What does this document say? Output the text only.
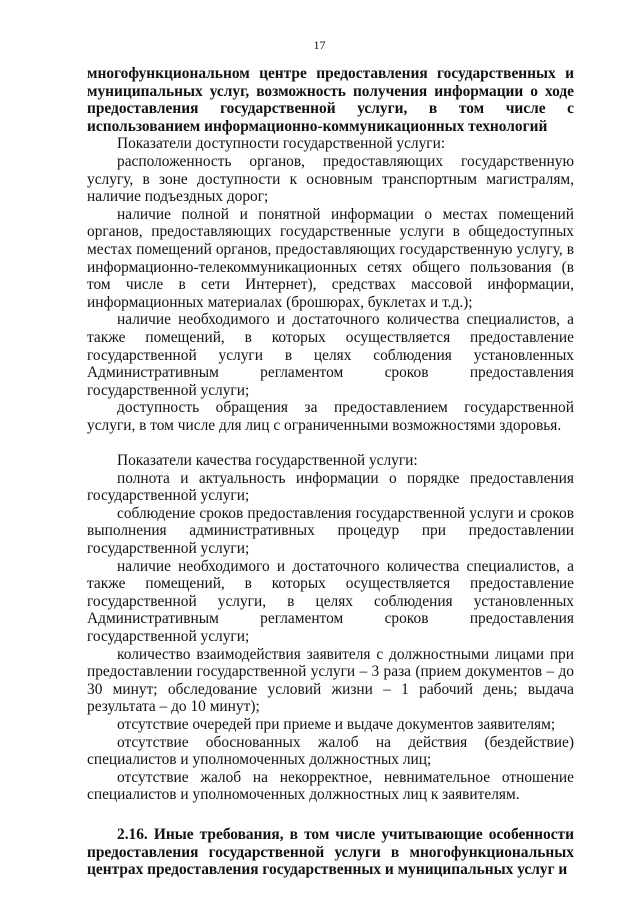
17

многофункциональном центре предоставления государственных и муниципальных услуг, возможность получения информации о ходе предоставления государственной услуги, в том числе с использованием информационно-коммуникационных технологий

Показатели доступности государственной услуги:

расположенность органов, предоставляющих государственную услугу, в зоне доступности к основным транспортным магистралям, наличие подъездных дорог;

наличие полной и понятной информации о местах помещений органов, предоставляющих государственные услуги в общедоступных местах помещений органов, предоставляющих государственную услугу, в информационно-телекоммуникационных сетях общего пользования (в том числе в сети Интернет), средствах массовой информации, информационных материалах (брошюрах, буклетах и т.д.);

наличие необходимого и достаточного количества специалистов, а также помещений, в которых осуществляется предоставление государственной услуги в целях соблюдения установленных Административным регламентом сроков предоставления государственной услуги;

доступность обращения за предоставлением государственной услуги, в том числе для лиц с ограниченными возможностями здоровья.

Показатели качества государственной услуги:

полнота и актуальность информации о порядке предоставления государственной услуги;

соблюдение сроков предоставления государственной услуги и сроков выполнения административных процедур при предоставлении государственной услуги;

наличие необходимого и достаточного количества специалистов, а также помещений, в которых осуществляется предоставление государственной услуги, в целях соблюдения установленных Административным регламентом сроков предоставления государственной услуги;

количество взаимодействия заявителя с должностными лицами при предоставлении государственной услуги – 3 раза (прием документов – до 30 минут; обследование условий жизни – 1 рабочий день; выдача результата – до 10 минут);

отсутствие очередей при приеме и выдаче документов заявителям;

отсутствие обоснованных жалоб на действия (бездействие) специалистов и уполномоченных должностных лиц;

отсутствие жалоб на некорректное, невнимательное отношение специалистов и уполномоченных должностных лиц к заявителям.

2.16. Иные требования, в том числе учитывающие особенности предоставления государственной услуги в многофункциональных центрах предоставления государственных и муниципальных услуг и
